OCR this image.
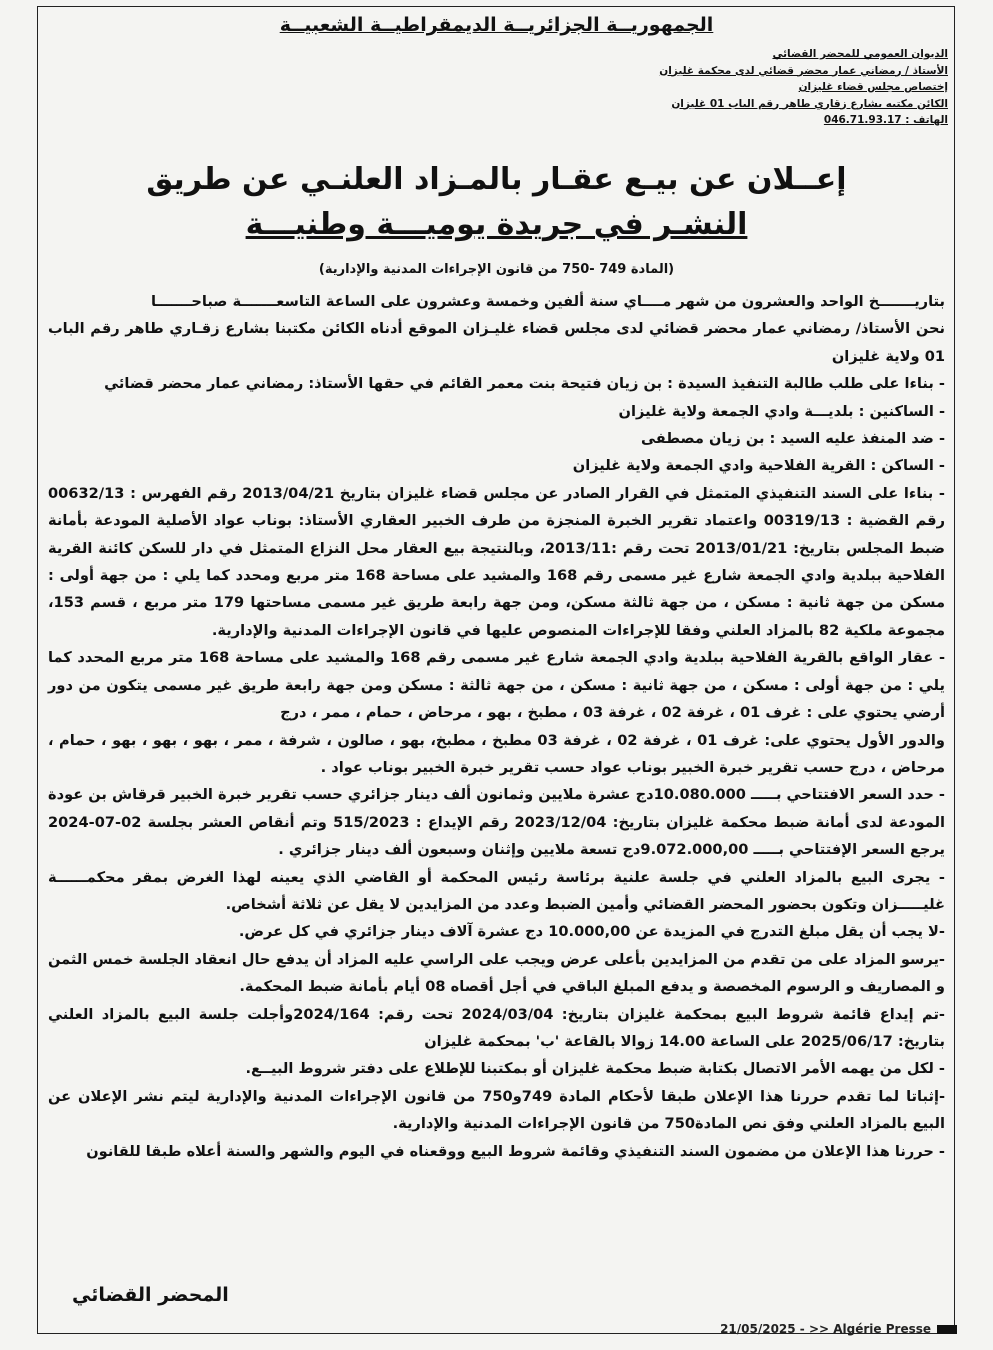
الجمهوريــة الجزائريــة الديمقراطيــة الشعبيــة
الديوان العمومي للمحضر القضائي
الأستاذ / رمضاني عمار محضر قضائي لدى محكمة غليزان
إختصاص مجلس قضاء غليزان
الكائن مكتبه بشارع زقاري طاهر رقم الباب 01 غليزان
الهاتف : 046.71.93.17
إعــلان عن بيـع عقـار بالمـزاد العلنـي عن طريق
النشـر في جريدة يوميـــة وطنيـــة
(المادة 749 -750 من قانون الإجراءات المدنية والإدارية)

بتاريـــــــخ الواحد والعشرون من شهر مــــاي سنة ألفين وخمسة وعشرون على الساعة التاسعـــــــة صباحـــــــا

نحن الأستاذ/ رمضاني عمار محضر قضائي لدى مجلس قضاء غليـزان الموقع أدناه الكائن مكتبنا بشارع زقـاري طاهر رقم الباب 01 ولاية غليزان

- بناءا على طلب طالبة التنفيذ السيدة : بن زيان فتيحة بنت معمر القائم في حقها الأستاذ: رمضاني عمار محضر قضائي

- الساكنين : بلديـــة وادي الجمعة ولاية غليزان

- ضد المنفذ عليه السيد : بن زيان مصطفى

- الساكن : القرية الفلاحية وادي الجمعة ولاية غليزان

- بناءا على السند التنفيذي المتمثل في القرار الصادر عن مجلس قضاء غليزان بتاريخ 2013/04/21 رقم الفهرس : 00632/13 رقم القضية : 00319/13 واعتماد تقرير الخبرة المنجزة من طرف الخبير العقاري الأستاذ: بوناب عواد الأصلية المودعة بأمانة ضبط المجلس بتاريخ: 2013/01/21 تحت رقم :2013/11، وبالنتيجة بيع العقار محل النزاع المتمثل في دار للسكن كائنة القرية الفلاحية ببلدية وادي الجمعة شارع غير مسمى رقم 168 والمشيد على مساحة 168 متر مربع ومحدد كما يلي : من جهة أولى : مسكن من جهة ثانية : مسكن ، من جهة ثالثة مسكن، ومن جهة رابعة طريق غير مسمى مساحتها 179 متر مربع ، قسم 153، مجموعة ملكية 82 بالمزاد العلني وفقا للإجراءات المنصوص عليها في قانون الإجراءات المدنية والإدارية.

- عقار الواقع بالقرية الفلاحية ببلدية وادي الجمعة شارع غير مسمى رقم 168 والمشيد على مساحة 168 متر مربع المحدد كما يلي : من جهة أولى : مسكن ، من جهة ثانية : مسكن ، من جهة ثالثة : مسكن ومن جهة رابعة طريق غير مسمى يتكون من دور أرضي يحتوي على : غرف 01 ، غرفة 02 ، غرفة 03 ، مطبخ ، بهو ، مرحاض ، حمام ، ممر ، درج

والدور الأول يحتوي على: غرف 01 ، غرفة 02 ، غرفة 03 مطبخ ، مطبخ، بهو ، صالون ، شرفة ، ممر ، بهو ، بهو ، بهو ، حمام ، مرحاض ، درج حسب تقرير خبرة الخبير بوناب عواد حسب تقرير خبرة الخبير بوناب عواد .

- حدد السعر الافتتاحي بـــــ 10.080.000دج عشرة ملايين وثمانون ألف دينار جزائري حسب تقرير خبرة الخبير قرقاش بن عودة المودعة لدى أمانة ضبط محكمة غليزان بتاريخ: 2023/12/04 رقم الإيداع : 515/2023 وتم أنقاص العشر بجلسة 02-07-2024 يرجع السعر الإفتتاحي بـــــ 9.072.000,00دج تسعة ملايين وإثنان وسبعون ألف دينار جزائري .

- يجرى البيع بالمزاد العلني في جلسة علنية برئاسة رئيس المحكمة أو القاضي الذي يعينه لهذا الغرض بمقر محكمــــــة غليـــــزان وتكون بحضور المحضر القضائي وأمين الضبط وعدد من المزايدين لا يقل عن ثلاثة أشخاص.

-لا يجب أن يقل مبلغ التدرج في المزيدة عن 10.000,00 دج عشرة آلاف دينار جزائري في كل عرض.

-يرسو المزاد على من تقدم من المزايدين بأعلى عرض ويجب على الراسي عليه المزاد أن يدفع حال انعقاد الجلسة خمس الثمن و المصاريف و الرسوم المخصصة و يدفع المبلغ الباقي في أجل أقصاه 08 أيام بأمانة ضبط المحكمة.

-تم إيداع قائمة شروط البيع بمحكمة غليزان بتاريخ: 2024/03/04 تحت رقم: 2024/164وأجلت جلسة البيع بالمزاد العلني بتاريخ: 2025/06/17 على الساعة 14.00 زوالا بالقاعة 'ب' بمحكمة غليزان

- لكل من يهمه الأمر الاتصال بكتابة ضبط محكمة غليزان أو بمكتبنا للإطلاع على دفتر شروط البيــع.

-إثباتا لما تقدم حررنا هذا الإعلان طبقا لأحكام المادة 749و750 من قانون الإجراءات المدنية والإدارية ليتم نشر الإعلان عن البيع بالمزاد العلني وفق نص المادة750 من قانون الإجراءات المدنية والإدارية.

- حررنا هذا الإعلان من مضمون السند التنفيذي وقائمة شروط البيع ووقعناه في اليوم والشهر والسنة أعلاه طبقا للقانون

المحضر القضائي
21/05/2025 - >> Algérie Presse
